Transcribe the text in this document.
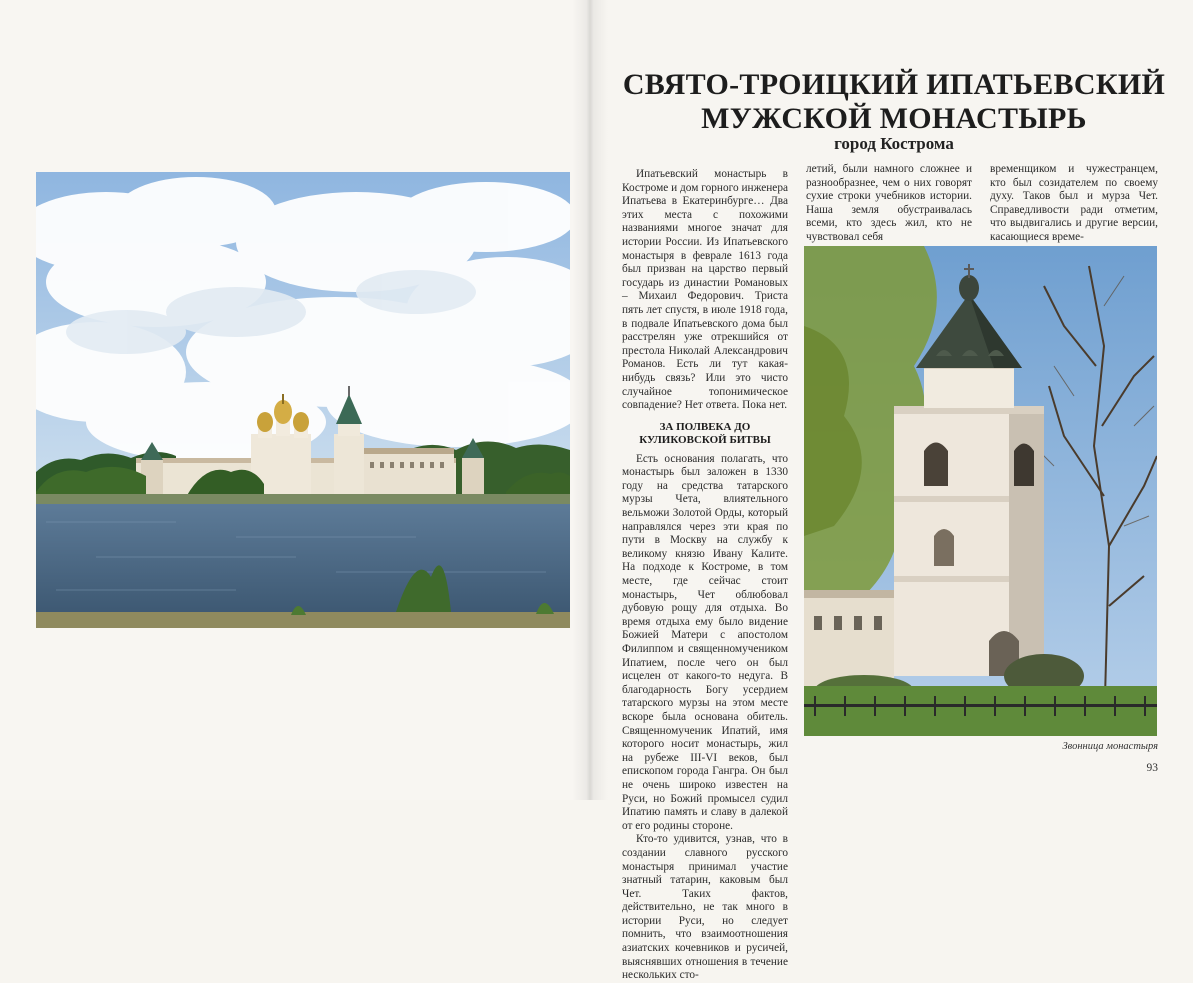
СВЯТО-ТРОИЦКИЙ ИПАТЬЕВСКИЙ МУЖСКОЙ МОНАСТЫРЬ
город Кострома

Ипатьевский монастырь в Костроме и дом горного инженера Ипатьева в Екатеринбурге… Два этих места с похожими названиями многое значат для истории России. Из Ипатьевского монастыря в феврале 1613 года был призван на царство первый государь из династии Романовых – Михаил Федорович. Триста пять лет спустя, в июле 1918 года, в подвале Ипатьевского дома был расстрелян уже отрекшийся от престола Николай Александрович Романов. Есть ли тут какая-нибудь связь? Или это чисто случайное топонимическое совпадение? Нет ответа. Пока нет.

ЗА ПОЛВЕКА ДО КУЛИКОВСКОЙ БИТВЫ

Есть основания полагать, что монастырь был заложен в 1330 году на средства татарского мурзы Чета, влиятельного вельможи Золотой Орды, который направлялся через эти края по пути в Москву на службу к великому князю Ивану Калите. На подходе к Костроме, в том месте, где сейчас стоит монастырь, Чет облюбовал дубовую рощу для отдыха. Во время отдыха ему было видение Божией Матери с апостолом Филиппом и священномучеником Ипатием, после чего он был исцелен от какого-то недуга. В благодарность Богу усердием татарского мурзы на этом месте вскоре была основана обитель. Священномученик Ипатий, имя которого носит монастырь, жил на рубеже III-VI веков, был епископом города Гангра. Он был не очень широко известен на Руси, но Божий промысел судил Ипатию память и славу в далекой от его родины стороне.

Кто-то удивится, узнав, что в создании славного русского монастыря принимал участие знатный татарин, каковым был Чет. Таких фактов, действительно, не так много в истории Руси, но следует помнить, что взаимоотношения азиатских кочевников и русичей, выяснявших отношения в течение нескольких сто-

летий, были намного сложнее и разнообразнее, чем о них говорят сухие строки учебников истории. Наша земля обустраивалась всеми, кто здесь жил, кто не чувствовал себя

временщиком и чужестранцем, кто был созидателем по своему духу. Таков был и мурза Чет. Справедливости ради отметим, что выдвигались и другие версии, касающиеся време-

Звонница монастыря

93
